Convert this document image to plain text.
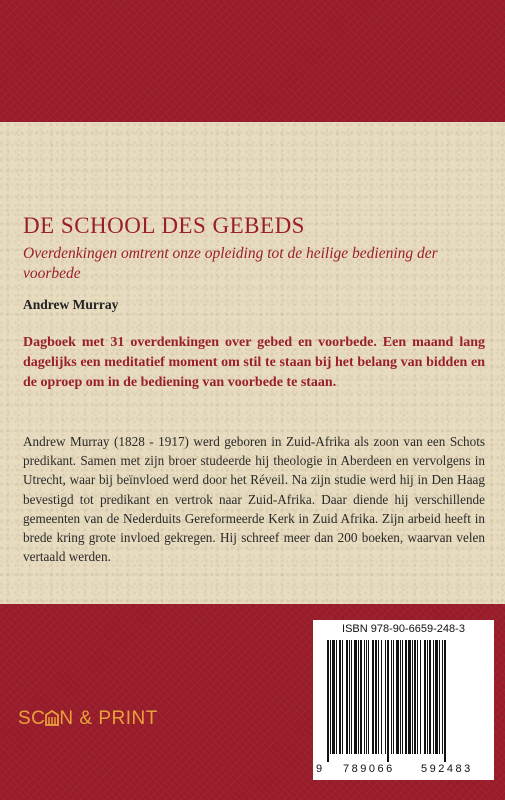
DE SCHOOL DES GEBEDS

Overdenkingen omtrent onze opleiding tot de heilige bediening der voorbede

Andrew Murray

Dagboek met 31 overdenkingen over gebed en voorbede. Een maand lang dagelijks een meditatief moment om stil te staan bij het belang van bidden en de oproep om in de bediening van voorbede te staan.

Andrew Murray (1828 - 1917) werd geboren in Zuid-Afrika als zoon van een Schots predikant. Samen met zijn broer studeerde hij theologie in Aberdeen en vervolgens in Utrecht, waar bij beïnvloed werd door het Réveil. Na zijn studie werd hij in Den Haag bevestigd tot predikant en vertrok naar Zuid-Afrika. Daar diende hij verschillende gemeenten van de Nederduits Gereformeerde Kerk in Zuid Afrika. Zijn arbeid heeft in brede kring grote invloed gekregen. Hij schreef meer dan 200 boeken, waarvan velen vertaald werden.

ISBN 978-90-6659-248-3
9 789066 592483
SC N & PRINT
